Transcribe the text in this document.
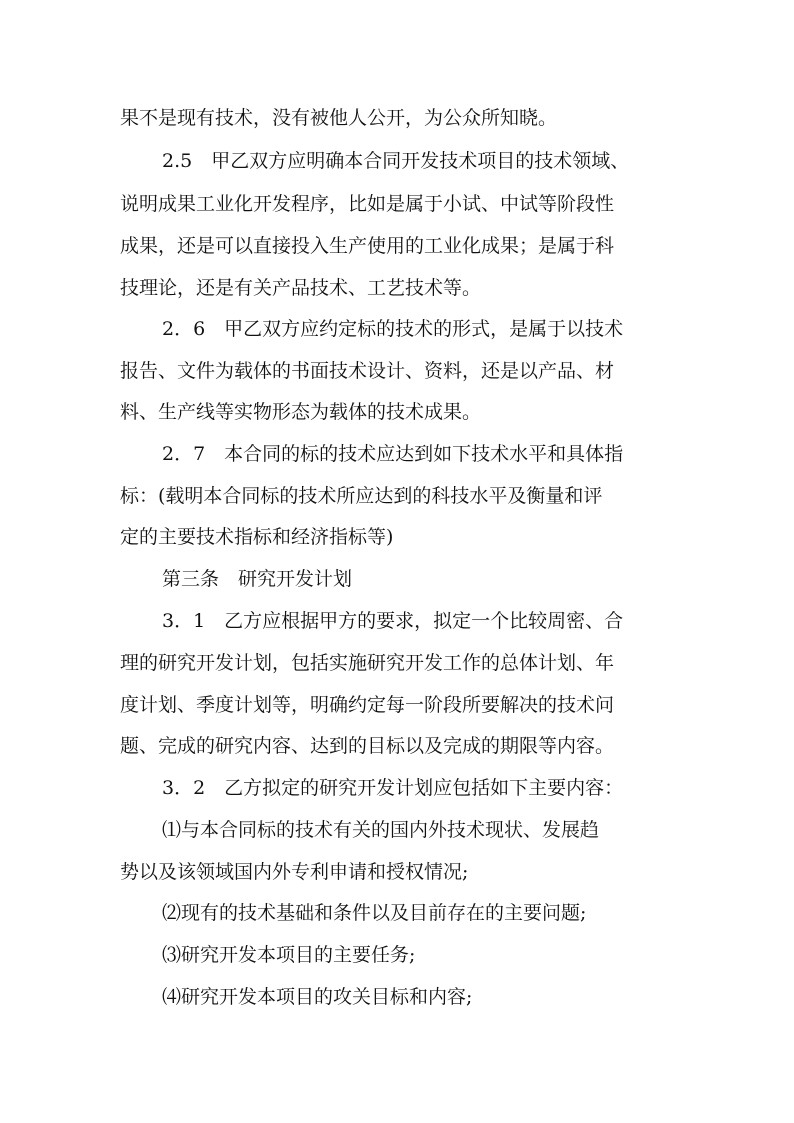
果不是现有技术，没有被他人公开，为公众所知晓。

2.5　甲乙双方应明确本合同开发技术项目的技术领域、

说明成果工业化开发程序，比如是属于小试、中试等阶段性

成果，还是可以直接投入生产使用的工业化成果；是属于科

技理论，还是有关产品技术、工艺技术等。

2．6　甲乙双方应约定标的技术的形式，是属于以技术

报告、文件为载体的书面技术设计、资料，还是以产品、材

料、生产线等实物形态为载体的技术成果。

2．7　本合同的标的技术应达到如下技术水平和具体指

标：(载明本合同标的技术所应达到的科技水平及衡量和评

定的主要技术指标和经济指标等)

第三条　研究开发计划

3．1　乙方应根据甲方的要求，拟定一个比较周密、合

理的研究开发计划，包括实施研究开发工作的总体计划、年

度计划、季度计划等，明确约定每一阶段所要解决的技术问

题、完成的研究内容、达到的目标以及完成的期限等内容。

3．2　乙方拟定的研究开发计划应包括如下主要内容：

⑴与本合同标的技术有关的国内外技术现状、发展趋

势以及该领域国内外专利申请和授权情况;

⑵现有的技术基础和条件以及目前存在的主要问题;

⑶研究开发本项目的主要任务;

⑷研究开发本项目的攻关目标和内容;
